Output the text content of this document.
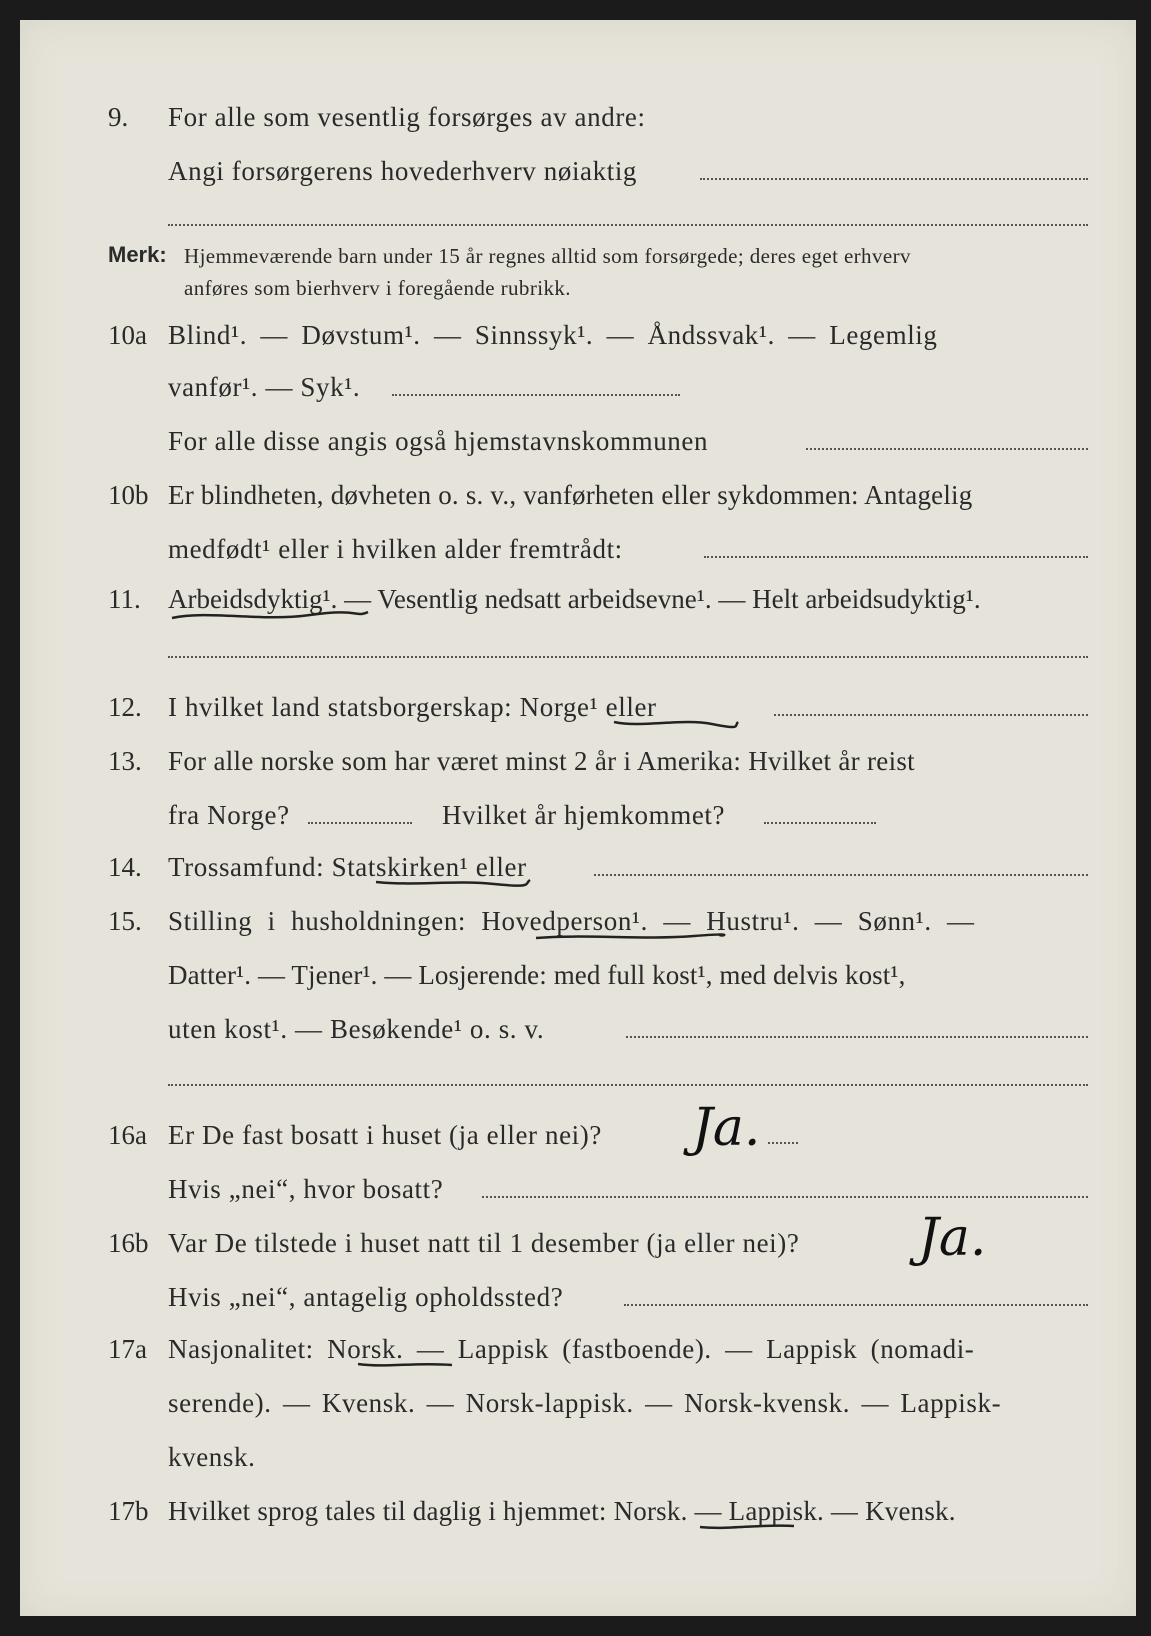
9. For alle som vesentlig forsørges av andre:
Angi forsørgerens hovederhverv nøiaktig
Merk: Hjemmeværende barn under 15 år regnes alltid som forsørgede; deres eget erhverv
anføres som bierhverv i foregående rubrikk.
10a Blind¹. — Døvstum¹. — Sinnssyk¹. — Åndssvak¹. — Legemlig
vanfør¹. — Syk¹.
For alle disse angis også hjemstavnskommunen
10b Er blindheten, døvheten o. s. v., vanførheten eller sykdommen: Antagelig
medfødt¹ eller i hvilken alder fremtrådt:
11. Arbeidsdyktig¹. — Vesentlig nedsatt arbeidsevne¹. — Helt arbeidsudyktig¹.
12. I hvilket land statsborgerskap: Norge¹ eller
13. For alle norske som har været minst 2 år i Amerika: Hvilket år reist
fra Norge?	Hvilket år hjemkommet?
14. Trossamfund: Statskirken¹ eller
15. Stilling i husholdningen: Hovedperson¹. — Hustru¹. — Sønn¹. —
Datter¹. — Tjener¹. — Losjerende: med full kost¹, med delvis kost¹,
uten kost¹. — Besøkende¹ o. s. v.
16a Er De fast bosatt i huset (ja eller nei)? Ja.
Hvis „nei“, hvor bosatt?
16b Var De tilstede i huset natt til 1 desember (ja eller nei)? Ja.
Hvis „nei“, antagelig opholdssted?
17a Nasjonalitet: Norsk. — Lappisk (fastboende). — Lappisk (nomadi-
serende). — Kvensk. — Norsk-lappisk. — Norsk-kvensk. — Lappisk-
kvensk.
17b Hvilket sprog tales til daglig i hjemmet: Norsk. — Lappisk. — Kvensk.
